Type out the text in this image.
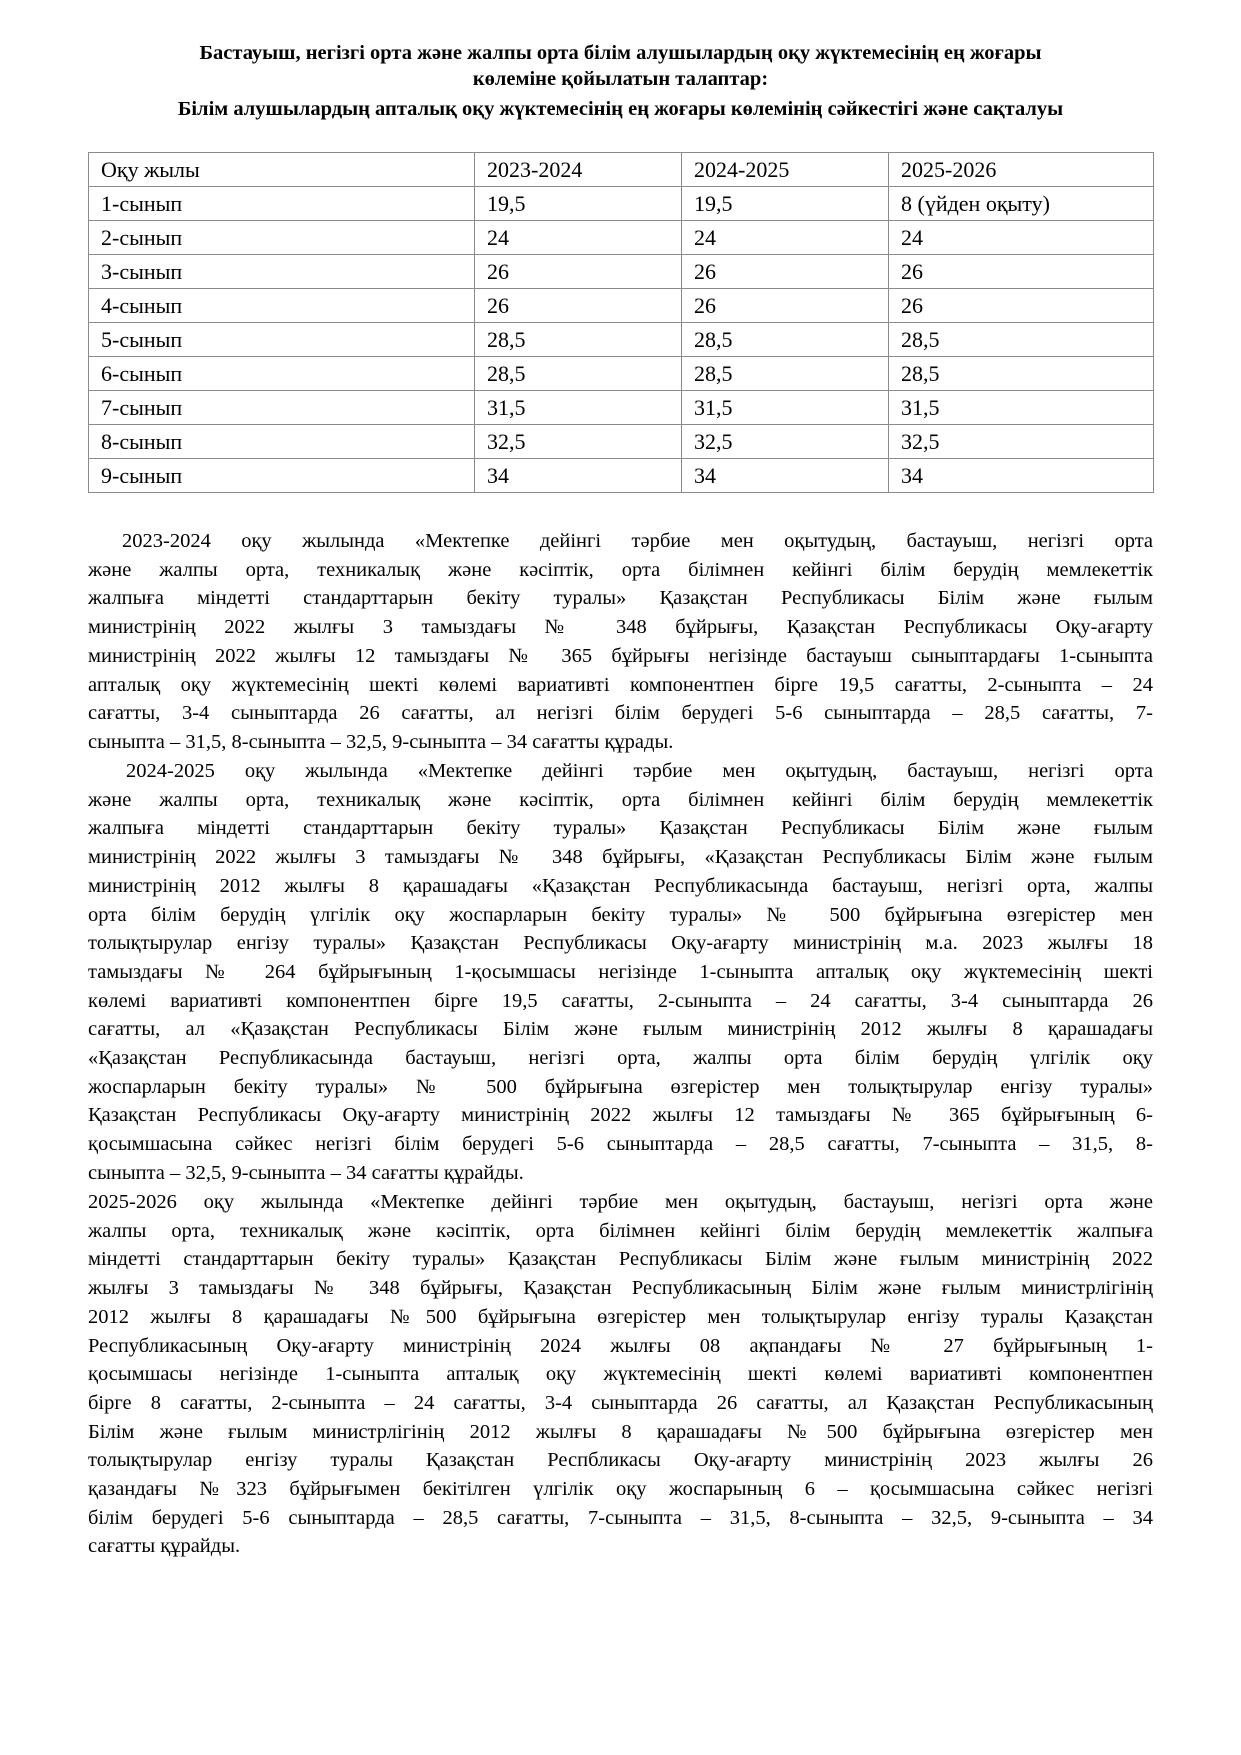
Бастауыш, негізгі орта және жалпы орта білім алушылардың оқу жүктемесінің ең жоғары
көлеміне қойылатын талаптар:
Білім алушылардың апталық оқу жүктемесінің ең жоғары көлемінің сәйкестігі және сақталуы
Оқу жылы	2023-2024	2024-2025	2025-2026
1-сынып	19,5	19,5	8 (үйден оқыту)
2-сынып	24	24	24
3-сынып	26	26	26
4-сынып	26	26	26
5-сынып	28,5	28,5	28,5
6-сынып	28,5	28,5	28,5
7-сынып	31,5	31,5	31,5
8-сынып	32,5	32,5	32,5
9-сынып	34	34	34
2023-2024 оқу жылында «Мектепке дейінгі тәрбие мен оқытудың, бастауыш, негізгі орта
және жалпы орта, техникалық және кәсіптік, орта білімнен кейінгі білім берудің мемлекеттік
жалпыға міндетті стандарттарын бекіту туралы» Қазақстан Республикасы Білім және ғылым
министрінің 2022 жылғы 3 тамыздағы № 348 бұйрығы, Қазақстан Республикасы Оқу-ағарту
министрінің 2022 жылғы 12 тамыздағы № 365 бұйрығы негізінде бастауыш сыныптардағы 1-сыныпта
апталық оқу жүктемесінің шекті көлемі вариативті компонентпен бірге 19,5 сағатты, 2-сыныпта – 24
сағатты, 3-4 сыныптарда 26 сағатты, ал негізгі білім берудегі 5-6 сыныптарда – 28,5 сағатты, 7-
сыныпта – 31,5, 8-сыныпта – 32,5, 9-сыныпта – 34 сағатты құрады.
2024-2025 оқу жылында «Мектепке дейінгі тәрбие мен оқытудың, бастауыш, негізгі орта
және жалпы орта, техникалық және кәсіптік, орта білімнен кейінгі білім берудің мемлекеттік
жалпыға міндетті стандарттарын бекіту туралы» Қазақстан Республикасы Білім және ғылым
министрінің 2022 жылғы 3 тамыздағы № 348 бұйрығы, «Қазақстан Республикасы Білім және ғылым
министрінің 2012 жылғы 8 қарашадағы «Қазақстан Республикасында бастауыш, негізгі орта, жалпы
орта білім берудің үлгілік оқу жоспарларын бекіту туралы» № 500 бұйрығына өзгерістер мен
толықтырулар енгізу туралы» Қазақстан Республикасы Оқу-ағарту министрінің м.а. 2023 жылғы 18
тамыздағы № 264 бұйрығының 1-қосымшасы негізінде 1-сыныпта апталық оқу жүктемесінің шекті
көлемі вариативті компонентпен бірге 19,5 сағатты, 2-сыныпта – 24 сағатты, 3-4 сыныптарда 26
сағатты, ал «Қазақстан Республикасы Білім және ғылым министрінің 2012 жылғы 8 қарашадағы
«Қазақстан Республикасында бастауыш, негізгі орта, жалпы орта білім берудің үлгілік оқу
жоспарларын бекіту туралы» № 500 бұйрығына өзгерістер мен толықтырулар енгізу туралы»
Қазақстан Республикасы Оқу-ағарту министрінің 2022 жылғы 12 тамыздағы № 365 бұйрығының 6-
қосымшасына сәйкес негізгі білім берудегі 5-6 сыныптарда – 28,5 сағатты, 7-сыныпта – 31,5, 8-
сыныпта – 32,5, 9-сыныпта – 34 сағатты құрайды.
2025-2026 оқу жылында «Мектепке дейінгі тәрбие мен оқытудың, бастауыш, негізгі орта және
жалпы орта, техникалық және кәсіптік, орта білімнен кейінгі білім берудің мемлекеттік жалпыға
міндетті стандарттарын бекіту туралы» Қазақстан Республикасы Білім және ғылым министрінің 2022
жылғы 3 тамыздағы № 348 бұйрығы, Қазақстан Республикасының Білім және ғылым министрлігінің
2012 жылғы 8 қарашадағы №500 бұйрығына өзгерістер мен толықтырулар енгізу туралы Қазақстан
Республикасының Оқу-ағарту министрінің 2024 жылғы 08 ақпандағы № 27 бұйрығының 1-
қосымшасы негізінде 1-сыныпта апталық оқу жүктемесінің шекті көлемі вариативті компонентпен
бірге 8 сағатты, 2-сыныпта – 24 сағатты, 3-4 сыныптарда 26 сағатты, ал Қазақстан Республикасының
Білім және ғылым министрлігінің 2012 жылғы 8 қарашадағы №500 бұйрығына өзгерістер мен
толықтырулар енгізу туралы Қазақстан Респбликасы Оқу-ағарту министрінің 2023 жылғы 26
қазандағы №323 бұйрығымен бекітілген үлгілік оқу жоспарының 6 – қосымшасына сәйкес негізгі
білім берудегі 5-6 сыныптарда – 28,5 сағатты, 7-сыныпта – 31,5, 8-сыныпта – 32,5, 9-сыныпта – 34
сағатты құрайды.
